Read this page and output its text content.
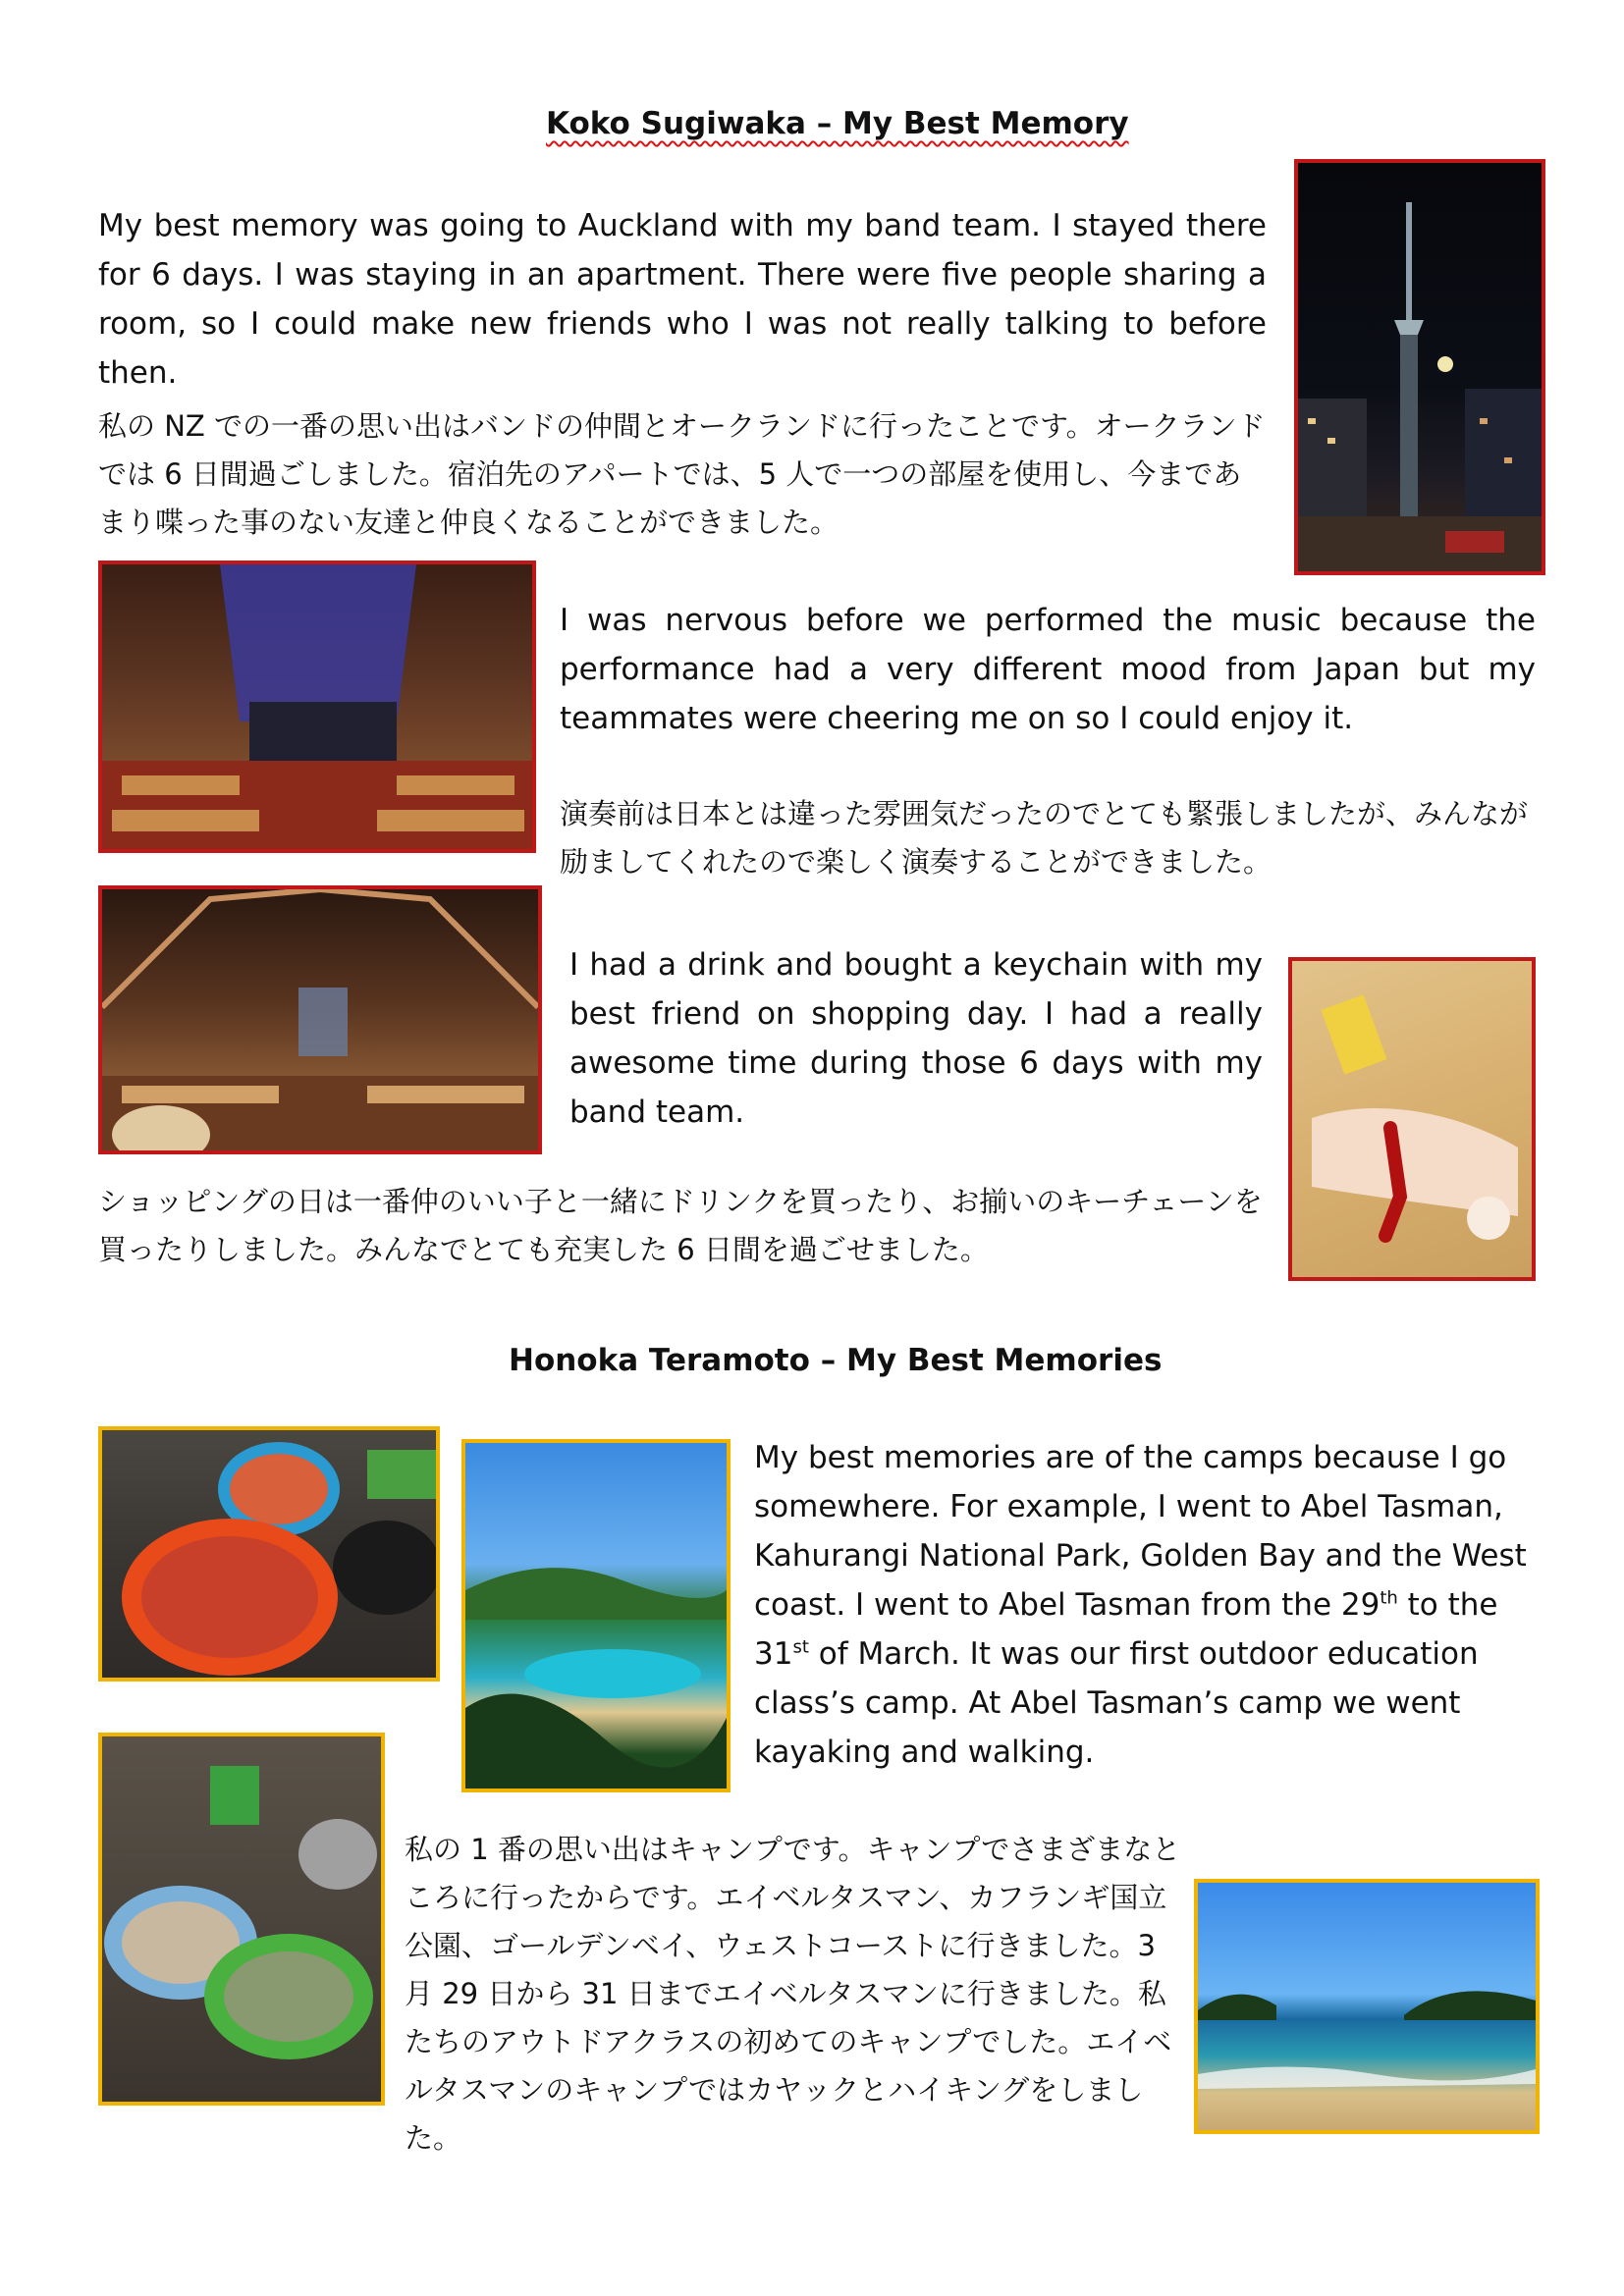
Koko Sugiwaka – My Best Memory

My best memory was going to Auckland with my band team. I stayed there for 6 days. I was staying in an apartment. There were five people sharing a room, so I could make new friends who I was not really talking to before then.

私の NZ での一番の思い出はバンドの仲間とオークランドに行ったことです。オークランドでは 6 日間過ごしました。宿泊先のアパートでは、5 人で一つの部屋を使用し、今まであまり喋った事のない友達と仲良くなることができました。

I was nervous before we performed the music because the performance had a very different mood from Japan but my teammates were cheering me on so I could enjoy it.

演奏前は日本とは違った雰囲気だったのでとても緊張しましたが、みんなが励ましてくれたので楽しく演奏することができました。

I had a drink and bought a keychain with my best friend on shopping day. I had a really awesome time during those 6 days with my band team.

ショッピングの日は一番仲のいい子と一緒にドリンクを買ったり、お揃いのキーチェーンを買ったりしました。みんなでとても充実した 6 日間を過ごせました。

Honoka Teramoto – My Best Memories

My best memories are of the camps because I go somewhere. For example, I went to Abel Tasman, Kahurangi National Park, Golden Bay and the West coast. I went to Abel Tasman from the 29th to the 31st of March. It was our first outdoor education class’s camp. At Abel Tasman’s camp we went kayaking and walking.

私の 1 番の思い出はキャンプです。キャンプでさまざまなところに行ったからです。エイベルタスマン、カフランギ国立公園、ゴールデンベイ、ウェストコーストに行きました。3 月 29 日から 31 日までエイベルタスマンに行きました。私たちのアウトドアクラスの初めてのキャンプでした。エイベルタスマンのキャンプではカヤックとハイキングをしました。
